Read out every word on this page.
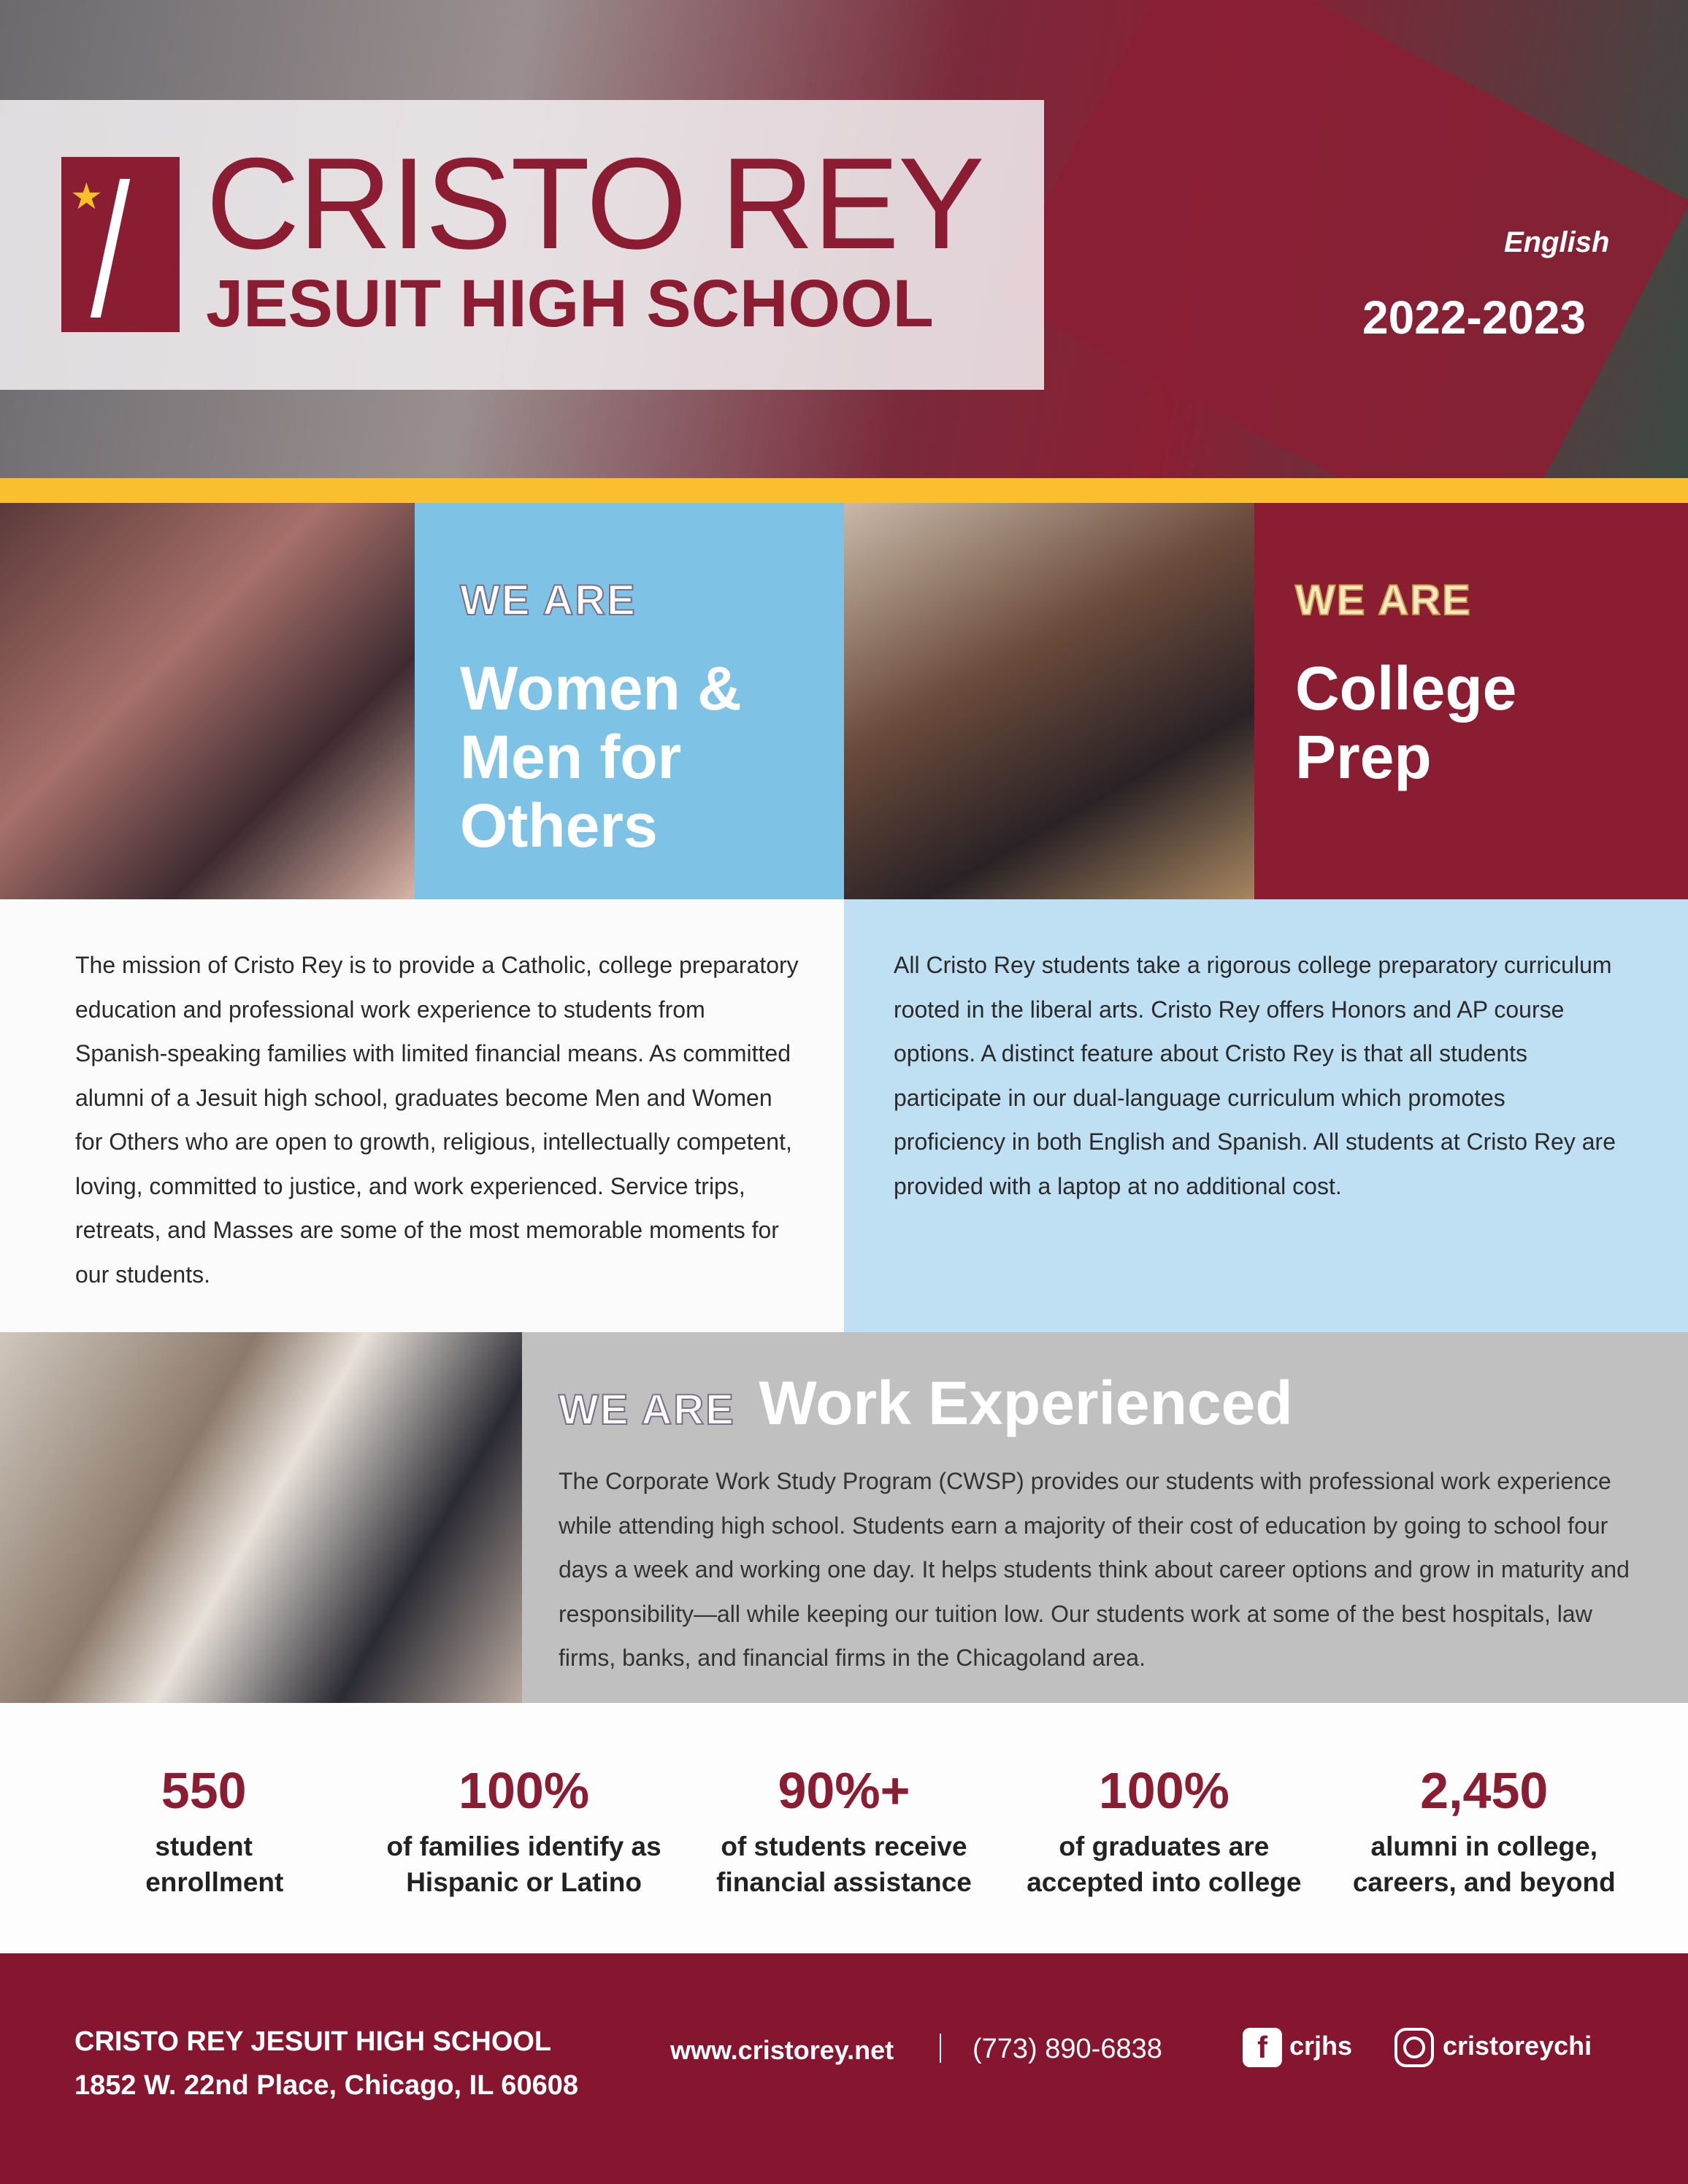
★ CRISTO REY
JESUIT HIGH SCHOOL
English
2022-2023
WE ARE
Women & Men for Others
WE ARE
College Prep

The mission of Cristo Rey is to provide a Catholic, college preparatory education and professional work experience to students from Spanish-speaking families with limited financial means. As committed alumni of a Jesuit high school, graduates become Men and Women for Others who are open to growth, religious, intellectually competent, loving, committed to justice, and work experienced. Service trips, retreats, and Masses are some of the most memorable moments for our students.

All Cristo Rey students take a rigorous college preparatory curriculum rooted in the liberal arts. Cristo Rey offers Honors and AP course options. A distinct feature about Cristo Rey is that all students participate in our dual-language curriculum which promotes proficiency in both English and Spanish. All students at Cristo Rey are provided with a laptop at no additional cost.

WE ARE Work Experienced

The Corporate Work Study Program (CWSP) provides our students with professional work experience while attending high school. Students earn a majority of their cost of education by going to school four days a week and working one day. It helps students think about career options and grow in maturity and responsibility—all while keeping our tuition low. Our students work at some of the best hospitals, law firms, banks, and financial firms in the Chicagoland area.

550
student enrollment
100%
of families identify as Hispanic or Latino
90%+
of students receive financial assistance
100%
of graduates are accepted into college
2,450
alumni in college, careers, and beyond
CRISTO REY JESUIT HIGH SCHOOL
1852 W. 22nd Place, Chicago, IL 60608
www.cristorey.net	(773) 890-6838	f crjhs	cristoreychi
